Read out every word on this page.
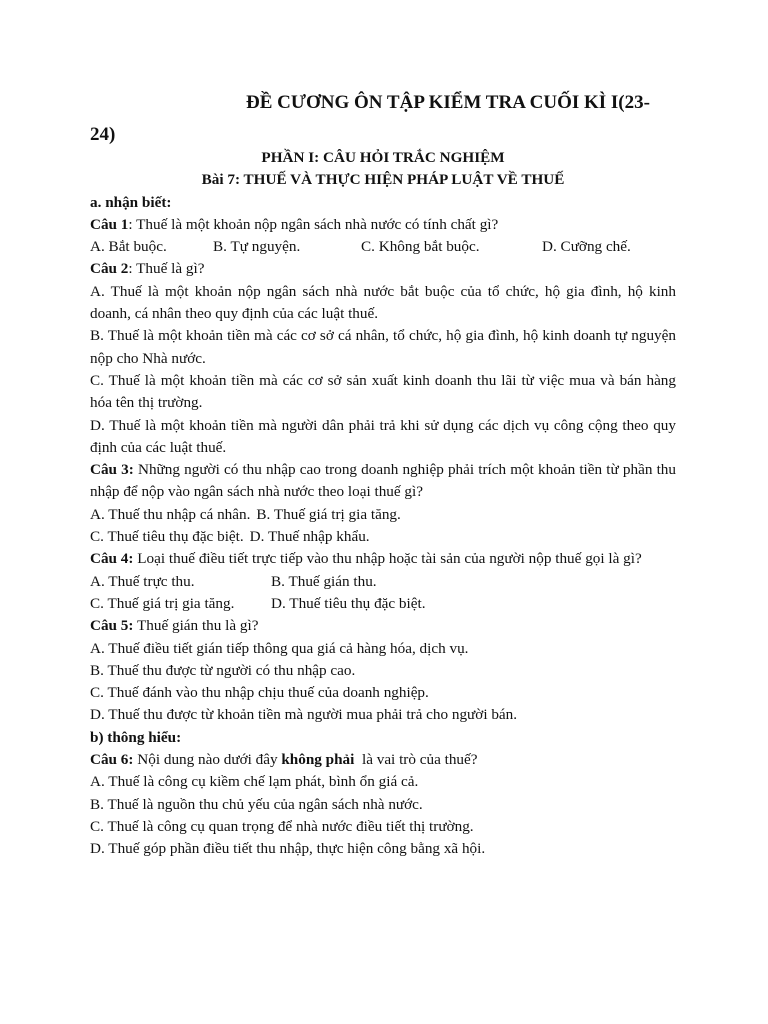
ĐỀ CƯƠNG ÔN TẬP KIỂM TRA CUỐI KÌ I(23-
24)
PHẦN I: CÂU HỎI TRẮC NGHIỆM
Bài 7: THUẾ VÀ THỰC HIỆN PHÁP LUẬT VỀ THUẾ
a. nhận biết:
Câu 1: Thuế là một khoản nộp ngân sách nhà nước có tính chất gì?
A. Bắt buộc.	B. Tự nguyện.	C. Không bắt buộc.	D. Cưỡng chế.
Câu 2: Thuế là gì?
A. Thuế là một khoản nộp ngân sách nhà nước bắt buộc của tổ chức, hộ gia đình, hộ kinh doanh, cá nhân theo quy định của các luật thuế.
B. Thuế là một khoản tiền mà các cơ sở cá nhân, tổ chức, hộ gia đình, hộ kinh doanh tự nguyện nộp cho Nhà nước.
C. Thuế là một khoản tiền mà các cơ sở sản xuất kinh doanh thu lãi từ việc mua và bán hàng hóa tên thị trường.
D. Thuế là một khoản tiền mà người dân phải trả khi sử dụng các dịch vụ công cộng theo quy định của các luật thuế.
Câu 3: Những người có thu nhập cao trong doanh nghiệp phải trích một khoản tiền từ phần thu nhập để nộp vào ngân sách nhà nước theo loại thuế gì?
A. Thuế thu nhập cá nhân. B. Thuế giá trị gia tăng.
C. Thuế tiêu thụ đặc biệt. D. Thuế nhập khẩu.
Câu 4: Loại thuế điều tiết trực tiếp vào thu nhập hoặc tài sản của người nộp thuế gọi là gì?
A. Thuế trực thu.	B. Thuế gián thu.
C. Thuế giá trị gia tăng.	D. Thuế tiêu thụ đặc biệt.
Câu 5: Thuế gián thu là gì?
A. Thuế điều tiết gián tiếp thông qua giá cả hàng hóa, dịch vụ.
B. Thuế thu được từ người có thu nhập cao.
C. Thuế đánh vào thu nhập chịu thuế của doanh nghiệp.
D. Thuế thu được từ khoản tiền mà người mua phải trả cho người bán.
b) thông hiểu:
Câu 6: Nội dung nào dưới đây không phải  là vai trò của thuế?
A. Thuế là công cụ kiềm chế lạm phát, bình ổn giá cả.
B. Thuế là nguồn thu chủ yếu của ngân sách nhà nước.
C. Thuế là công cụ quan trọng để nhà nước điều tiết thị trường.
D. Thuế góp phần điều tiết thu nhập, thực hiện công bằng xã hội.
